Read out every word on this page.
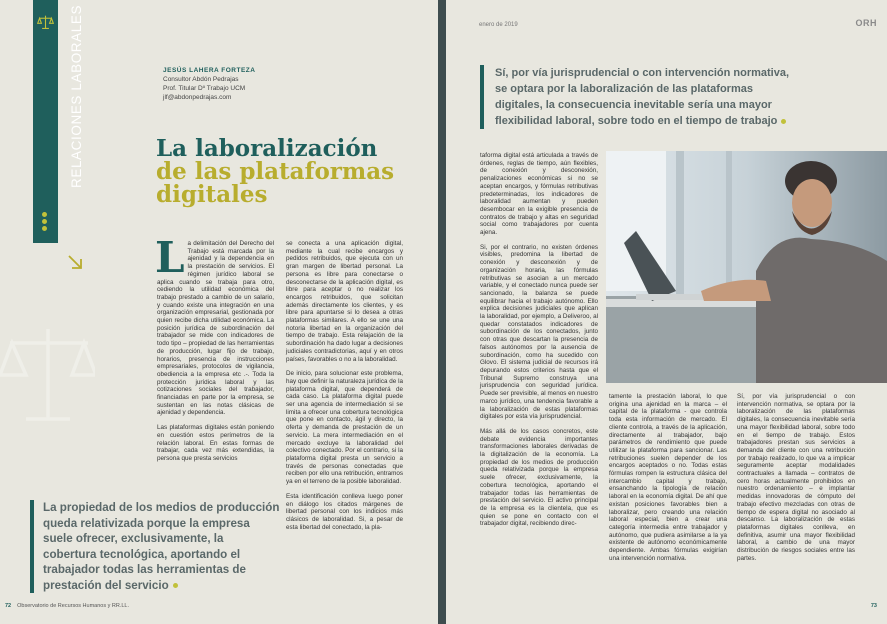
RELACIONES LABORALES	JESÚS LAHERA FORTEZA
Consultor Abdón Pedrajas
Prof. Titular Dº Trabajo UCM
jlf@abdonpedrajas.com
La laboralización
de las plataformas
digitales

La delimitación del Derecho del Trabajo está marcada por la ajenidad y la dependencia en la prestación de servicios. El régimen jurídico laboral se aplica cuando se trabaja para otro, cediendo la utilidad económica del trabajo prestado a cambio de un salario, y cuando existe una integración en una organización empresarial, gestionada por quien recibe dicha utilidad económica. La posición jurídica de subordinación del trabajador se mide con indicadores de todo tipo – propiedad de las herramientas de producción, lugar fijo de trabajo, horarios, presencia de instrucciones empresariales, protocolos de vigilancia, obediencia a la empresa etc .-. Toda la protección jurídica laboral y las cotizaciones sociales del trabajador, financiadas en parte por la empresa, se sustentan en las notas clásicas de ajenidad y dependencia.

Las plataformas digitales están poniendo en cuestión estos perímetros de la relación laboral. En estas formas de trabajar, cada vez más extendidas, la persona que presta servicios

se conecta a una aplicación digital, mediante la cual recibe encargos y pedidos retribuidos, que ejecuta con un gran margen de libertad personal. La persona es libre para conectarse o desconectarse de la aplicación digital, es libre para aceptar o no realizar los encargos retribuidos, que solicitan además directamente los clientes, y es libre para apuntarse si lo desea a otras plataformas similares. A ello se une una notoria libertad en la organización del tiempo de trabajo. Esta relajación de la subordinación ha dado lugar a decisiones judiciales contradictorias, aquí y en otros países, favorables o no a la laboralidad.

De inicio, para solucionar este problema, hay que definir la naturaleza jurídica de la plataforma digital, que dependerá de cada caso. La plataforma digital puede ser una agencia de intermediación si se limita a ofrecer una cobertura tecnológica que pone en contacto, ágil y directo, la oferta y demanda de prestación de un servicio. La mera intermediación en el mercado excluye la laboralidad del colectivo conectado. Por el contrario, si la plataforma digital presta un servicio a través de personas conectadas que reciben por ello una retribución, entramos ya en el terreno de la posible laboralidad.

Esta identificación conlleva luego poner en diálogo los citados márgenes de libertad personal con los indicios más clásicos de laboralidad. Si, a pesar de esta libertad del conectado, la pla-

La propiedad de los medios de producción queda relativizada porque la empresa suele ofrecer, exclusivamente, la cobertura tecnológica, aportando el trabajador todas las herramientas de prestación del servicio
72 Observatorio de Recursos Humanos y RR.LL.
enero de 2019	ORH
Sí, por vía jurisprudencial o con intervención normativa, se optara por la laboralización de las plataformas digitales, la consecuencia inevitable sería una mayor flexibilidad laboral, sobre todo en el tiempo de trabajo

taforma digital está articulada a través de órdenes, reglas de tiempo, aún flexibles, de conexión y desconexión, penalizaciones económicas si no se aceptan encargos, y fórmulas retributivas predeterminadas, los indicadores de laboralidad aumentan y pueden desembocar en la exigible presencia de contratos de trabajo y altas en seguridad social como trabajadores por cuenta ajena.

Si, por el contrario, no existen órdenes visibles, predomina la libertad de conexión y desconexión y de organización horaria, las fórmulas retributivas se asocian a un mercado variable, y el conectado nunca puede ser sancionado, la balanza se puede equilibrar hacia el trabajo autónomo. Ello explica decisiones judiciales que aplican la laboralidad, por ejemplo, a Deliveroo, al quedar constatados indicadores de subordinación de los conectados, junto con otras que descartan la presencia de falsos autónomos por la ausencia de subordinación, como ha sucedido con Glovo. El sistema judicial de recursos irá depurando estos criterios hasta que el Tribunal Supremo construya una jurisprudencia con seguridad jurídica. Puede ser previsible, al menos en nuestro marco jurídico, una tendencia favorable a la laboralización de estas plataformas digitales por esta vía jurisprudencial.

Más allá de los casos concretos, este debate evidencia importantes transformaciones laborales derivadas de la digitalización de la economía. La propiedad de los medios de producción queda relativizada porque la empresa suele ofrecer, exclusivamente, la cobertura tecnológica, aportando el trabajador todas las herramientas de prestación del servicio. El activo principal de la empresa es la clientela, que es quien se pone en contacto con el trabajador digital, recibiendo direc-

tamente la prestación laboral, lo que origina una ajenidad en la marca – el capital de la plataforma - que controla toda esta información de mercado. El cliente controla, a través de la aplicación, directamente al trabajador, bajo parámetros de rendimiento que puede utilizar la plataforma para sancionar. Las retribuciones suelen depender de los encargos aceptados o no. Todas estas fórmulas rompen la estructura clásica del intercambio capital y trabajo, ensanchando la tipología de relación laboral en la economía digital. De ahí que existan posiciones favorables bien a laboralizar, pero creando una relación laboral especial, bien a crear una categoría intermedia entre trabajador y autónomo, que pudiera asimilarse a la ya existente de autónomo económicamente dependiente. Ambas fórmulas exigirían una intervención normativa.

Sí, por vía jurisprudencial o con intervención normativa, se optara por la laboralización de las plataformas digitales, la consecuencia inevitable sería una mayor flexibilidad laboral, sobre todo en el tiempo de trabajo. Estos trabajadores prestan sus servicios a demanda del cliente con una retribución por trabajo realizado, lo que va a implicar seguramente aceptar modalidades contractuales a llamada – contratos de cero horas actualmente prohibidos en nuestro ordenamiento – e implantar medidas innovadoras de cómputo del trabajo efectivo mezcladas con otras de tiempo de espera digital no asociado al descanso. La laboralización de estas plataformas digitales conlleva, en definitiva, asumir una mayor flexibilidad laboral, a cambio de una mayor distribución de riesgos sociales entre las partes.

73
